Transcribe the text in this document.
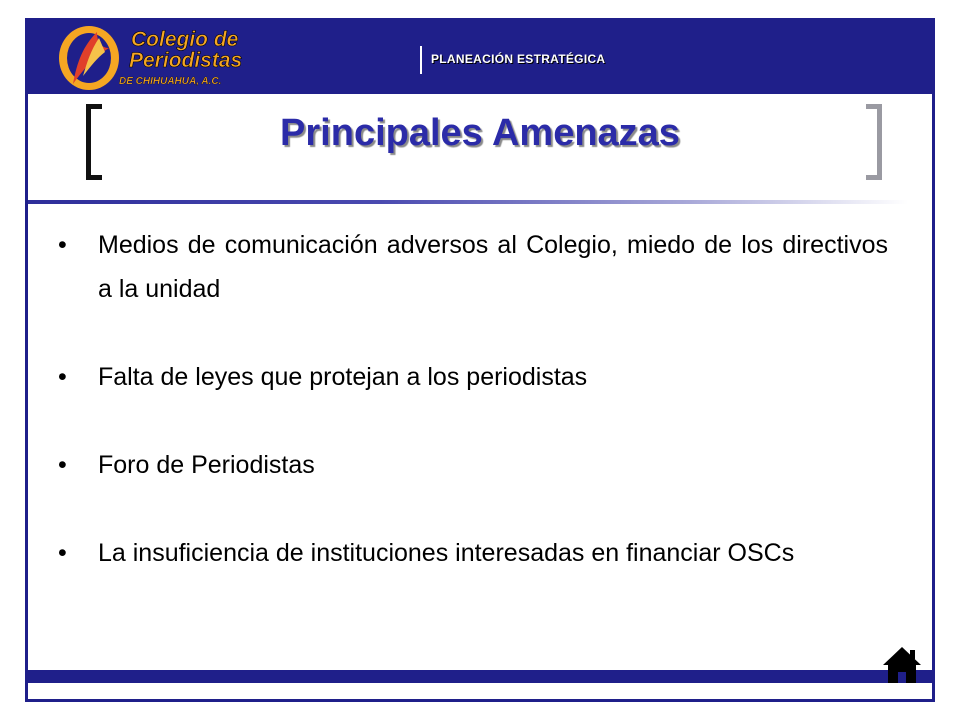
Colegio de
Periodistas
DE CHIHUAHUA, A.C.
PLANEACIÓN ESTRATÉGICA
Principales Amenazas
•	Medios de comunicación adversos al Colegio, miedo de los directivos a la unidad
•	Falta de leyes que protejan a los periodistas
•	Foro de Periodistas
•	La insuficiencia de instituciones interesadas en financiar OSCs
